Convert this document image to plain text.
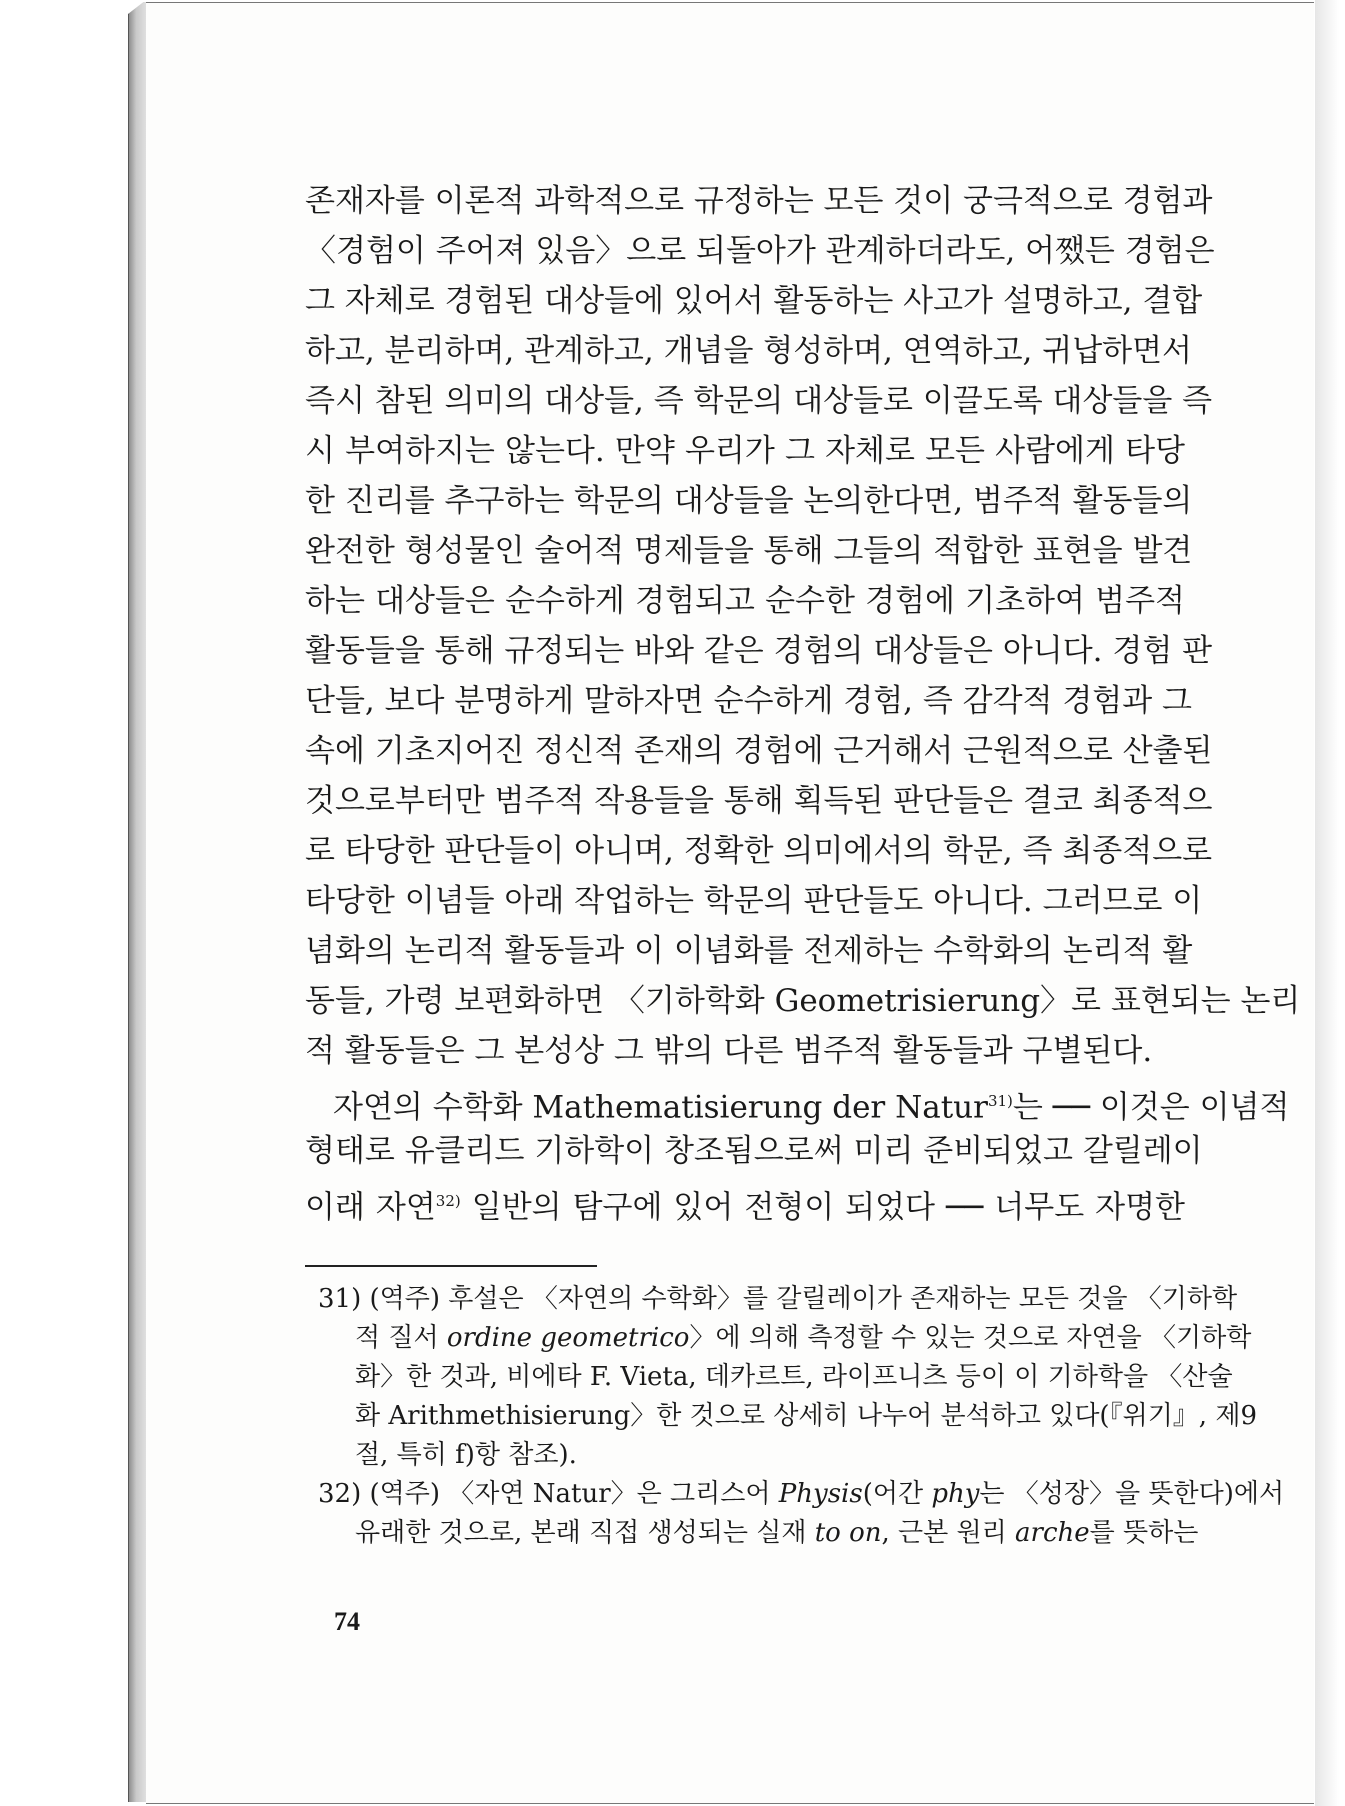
존재자를 이론적 과학적으로 규정하는 모든 것이 궁극적으로 경험과
〈경험이 주어져 있음〉으로 되돌아가 관계하더라도, 어쨌든 경험은
그 자체로 경험된 대상들에 있어서 활동하는 사고가 설명하고, 결합
하고, 분리하며, 관계하고, 개념을 형성하며, 연역하고, 귀납하면서
즉시 참된 의미의 대상들, 즉 학문의 대상들로 이끌도록 대상들을 즉
시 부여하지는 않는다. 만약 우리가 그 자체로 모든 사람에게 타당
한 진리를 추구하는 학문의 대상들을 논의한다면, 범주적 활동들의
완전한 형성물인 술어적 명제들을 통해 그들의 적합한 표현을 발견
하는 대상들은 순수하게 경험되고 순수한 경험에 기초하여 범주적
활동들을 통해 규정되는 바와 같은 경험의 대상들은 아니다. 경험 판
단들, 보다 분명하게 말하자면 순수하게 경험, 즉 감각적 경험과 그
속에 기초지어진 정신적 존재의 경험에 근거해서 근원적으로 산출된
것으로부터만 범주적 작용들을 통해 획득된 판단들은 결코 최종적으
로 타당한 판단들이 아니며, 정확한 의미에서의 학문, 즉 최종적으로
타당한 이념들 아래 작업하는 학문의 판단들도 아니다. 그러므로 이
념화의 논리적 활동들과 이 이념화를 전제하는 수학화의 논리적 활
동들, 가령 보편화하면 〈기하학화 Geometrisierung〉로 표현되는 논리
적 활동들은 그 본성상 그 밖의 다른 범주적 활동들과 구별된다.
자연의 수학화 Mathematisierung der Natur$^{31)}$는 ── 이것은 이념적
형태로 유클리드 기하학이 창조됨으로써 미리 준비되었고 갈릴레이
이래 자연$^{32)}$ 일반의 탐구에 있어 전형이 되었다 ── 너무도 자명한
31) (역주) 후설은 〈자연의 수학화〉를 갈릴레이가 존재하는 모든 것을 〈기하학
적 질서 ordine geometrico〉에 의해 측정할 수 있는 것으로 자연을 〈기하학
화〉한 것과, 비에타 F. Vieta, 데카르트, 라이프니츠 등이 이 기하학을 〈산술
화 Arithmethisierung〉한 것으로 상세히 나누어 분석하고 있다(『위기』, 제9
절, 특히 f)항 참조).
32) (역주) 〈자연 Natur〉은 그리스어 Physis(어간 phy는 〈성장〉을 뜻한다)에서
유래한 것으로, 본래 직접 생성되는 실재 to on, 근본 원리 arche를 뜻하는
74
